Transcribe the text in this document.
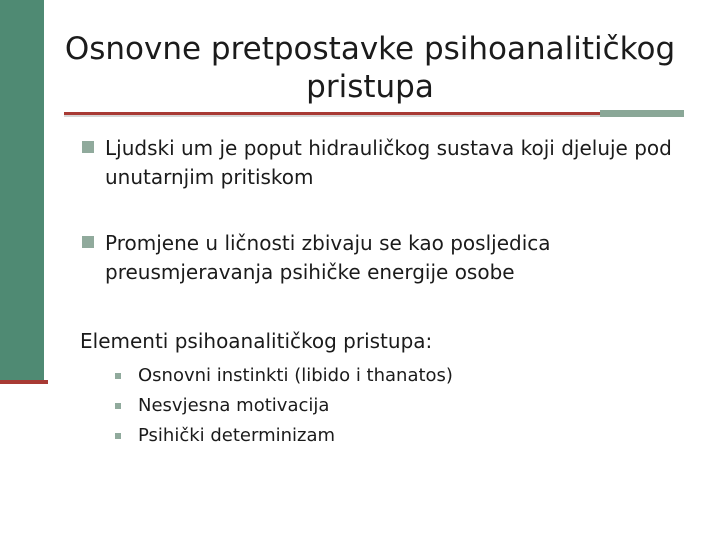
Osnovne pretpostavke psihoanalitičkog pristupa
Ljudski um je poput hidrauličkog sustava koji djeluje pod unutarnjim pritiskom
Promjene u ličnosti zbivaju se kao posljedica preusmjeravanja psihičke energije osobe
Elementi psihoanalitičkog pristupa:
Osnovni instinkti (libido i thanatos)
Nesvjesna motivacija
Psihički determinizam
